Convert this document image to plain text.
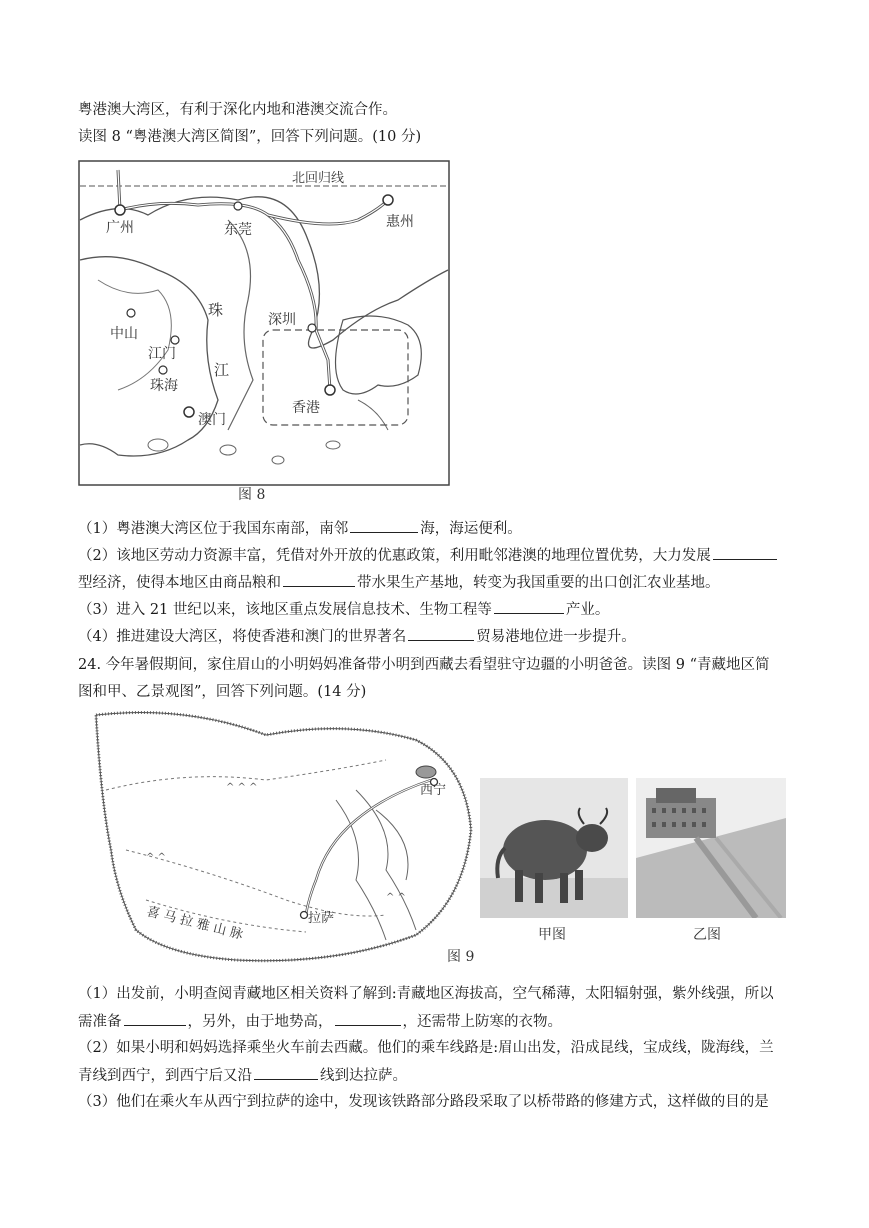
粤港澳大湾区，有利于深化内地和港澳交流合作。
读图 8 “粤港澳大湾区简图”，回答下列问题。(10 分)
北回归线
广州	东莞	惠州
中山
江门
珠海
澳门
深圳
香港
珠
江
图 8
（1）粤港澳大湾区位于我国东南部，南邻	海，海运便利。
（2）该地区劳动力资源丰富，凭借对外开放的优惠政策，利用毗邻港澳的地理位置优势，大力发展
型经济，使得本地区由商品粮和	带水果生产基地，转变为我国重要的出口创汇农业基地。
（3）进入 21 世纪以来，该地区重点发展信息技术、生物工程等	产业。
（4）推进建设大湾区，将使香港和澳门的世界著名	贸易港地位进一步提升。
24. 今年暑假期间，家住眉山的小明妈妈准备带小明到西藏去看望驻守边疆的小明爸爸。读图 9 “青藏地区简
图和甲、乙景观图”，回答下列问题。(14 分)
^ ^ ^
^ ^
^ ^
西宁
拉萨
喜 马 拉 雅 山 脉
图 9
甲图	乙图
（1）出发前，小明查阅青藏地区相关资料了解到:青藏地区海拔高，空气稀薄，太阳辐射强，紫外线强，所以
需准备	，另外，由于地势高，	，还需带上防寒的衣物。
（2）如果小明和妈妈选择乘坐火车前去西藏。他们的乘车线路是:眉山出发，沿成昆线，宝成线，陇海线，兰
青线到西宁，到西宁后又沿	线到达拉萨。
（3）他们在乘火车从西宁到拉萨的途中，发现该铁路部分路段采取了以桥带路的修建方式，这样做的目的是
